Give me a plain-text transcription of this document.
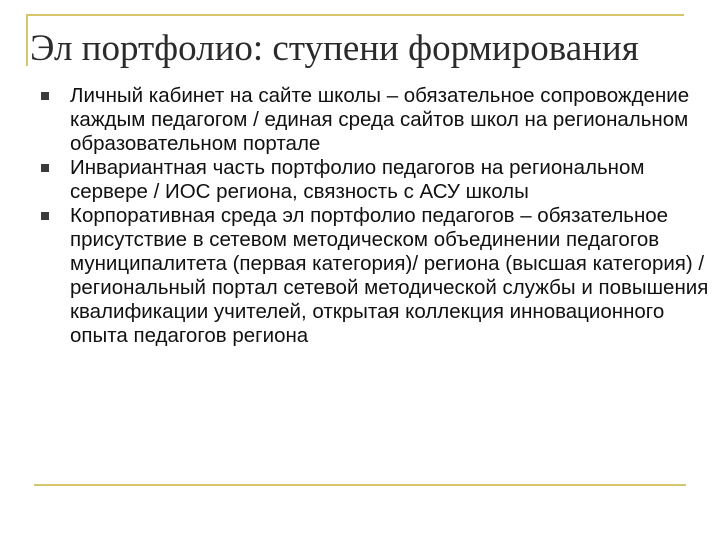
Эл портфолио: ступени формирования
Личный кабинет на сайте школы – обязательное сопровождение каждым педагогом / единая среда сайтов школ на региональном образовательном портале
Инвариантная часть портфолио педагогов на региональном сервере / ИОС региона, связность с АСУ школы
Корпоративная среда эл портфолио педагогов – обязательное присутствие в сетевом методическом объединении педагогов муниципалитета (первая категория)/ региона (высшая категория) / региональный портал сетевой методической службы и повышения квалификации учителей, открытая коллекция инновационного опыта педагогов региона
